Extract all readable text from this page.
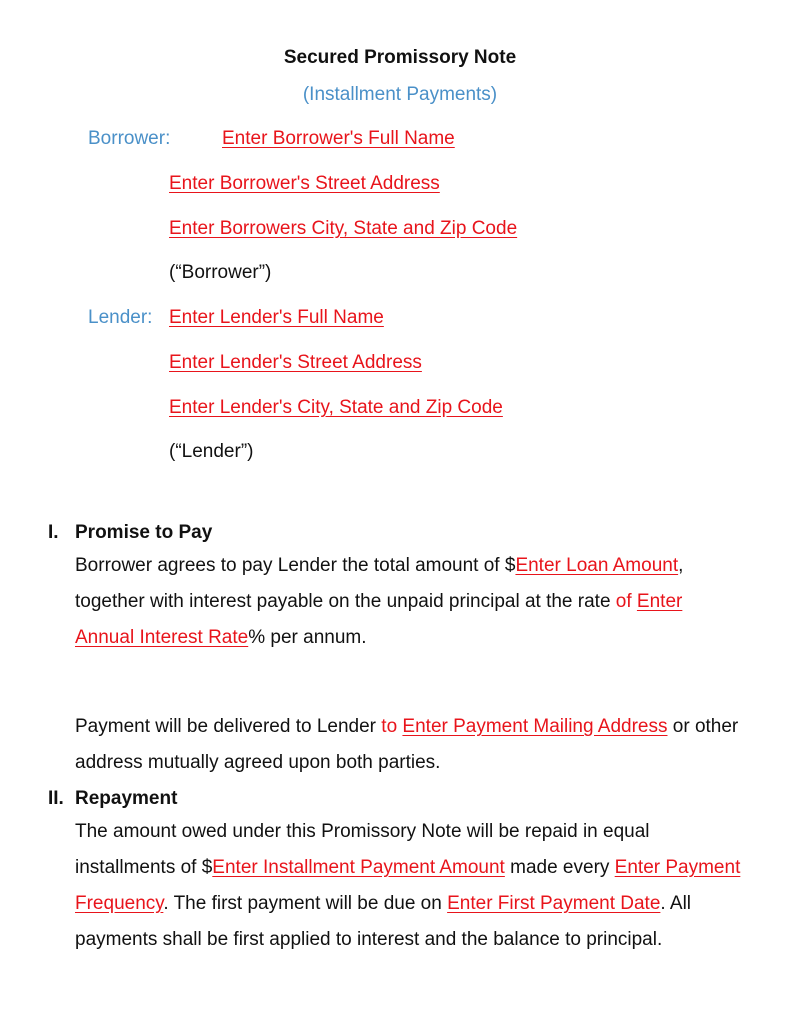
Secured Promissory Note
(Installment Payments)
Borrower:	Enter Borrower's Full Name
Enter Borrower's Street Address
Enter Borrowers City, State and Zip Code
(“Borrower”)
Lender: Enter Lender's Full Name
Enter Lender's Street Address
Enter Lender's City, State and Zip Code
(“Lender”)
I. Promise to Pay
Borrower agrees to pay Lender the total amount of $Enter Loan Amount, together with interest payable on the unpaid principal at the rate of Enter Annual Interest Rate% per annum.
Payment will be delivered to Lender to Enter Payment Mailing Address or other address mutually agreed upon both parties.
II. Repayment
The amount owed under this Promissory Note will be repaid in equal installments of $Enter Installment Payment Amount made every Enter Payment Frequency. The first payment will be due on Enter First Payment Date. All payments shall be first applied to interest and the balance to principal.
